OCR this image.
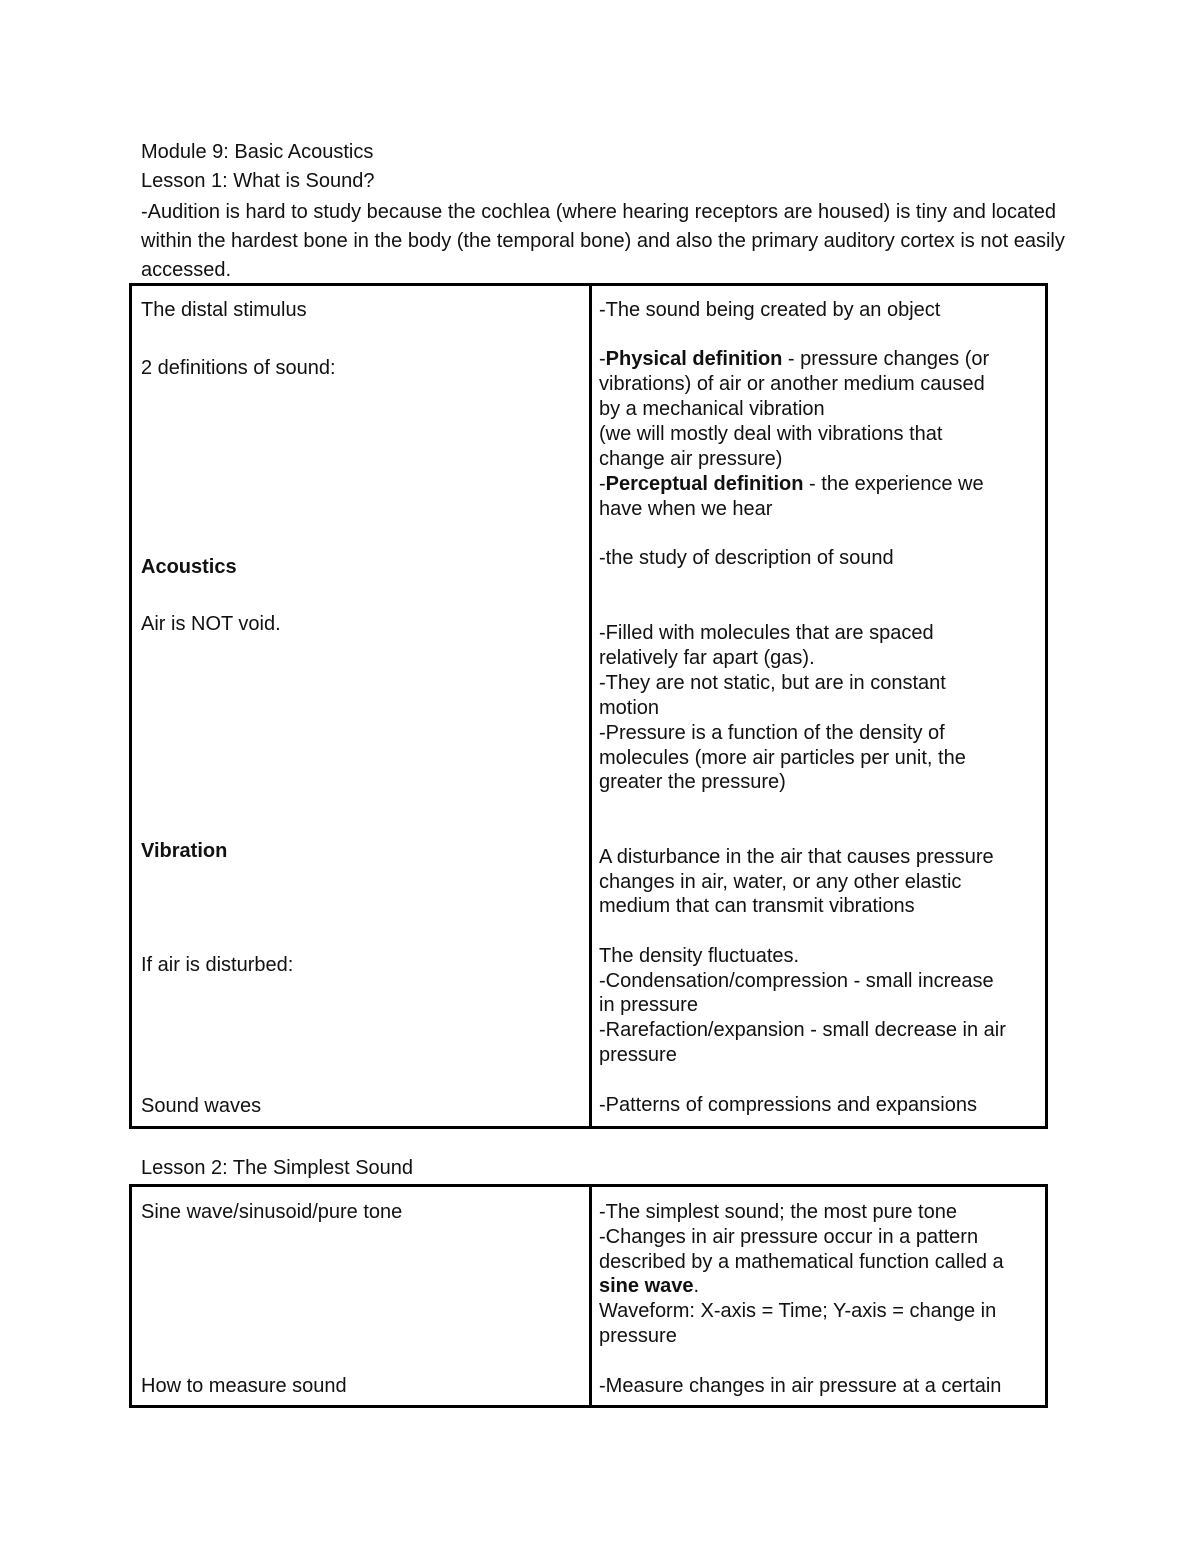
Module 9: Basic Acoustics
Lesson 1: What is Sound?
-Audition is hard to study because the cochlea (where hearing receptors are housed) is tiny and located within the hardest bone in the body (the temporal bone) and also the primary auditory cortex is not easily accessed.
The distal stimulus	-The sound being created by an object
2 definitions of sound:	-Physical definition - pressure changes (or
vibrations) of air or another medium caused
by a mechanical vibration
(we will mostly deal with vibrations that
change air pressure)
-Perceptual definition - the experience we
have when we hear
Acoustics	-the study of description of sound
Air is NOT void.	-Filled with molecules that are spaced
relatively far apart (gas).
-They are not static, but are in constant
motion
-Pressure is a function of the density of
molecules (more air particles per unit, the
greater the pressure)
Vibration	A disturbance in the air that causes pressure
changes in air, water, or any other elastic
medium that can transmit vibrations
If air is disturbed:	The density fluctuates.
-Condensation/compression - small increase
in pressure
-Rarefaction/expansion - small decrease in air
pressure
Sound waves	-Patterns of compressions and expansions
Lesson 2: The Simplest Sound
Sine wave/sinusoid/pure tone	-The simplest sound; the most pure tone
-Changes in air pressure occur in a pattern
described by a mathematical function called a
sine wave.
Waveform: X-axis = Time; Y-axis = change in
pressure
How to measure sound	-Measure changes in air pressure at a certain
